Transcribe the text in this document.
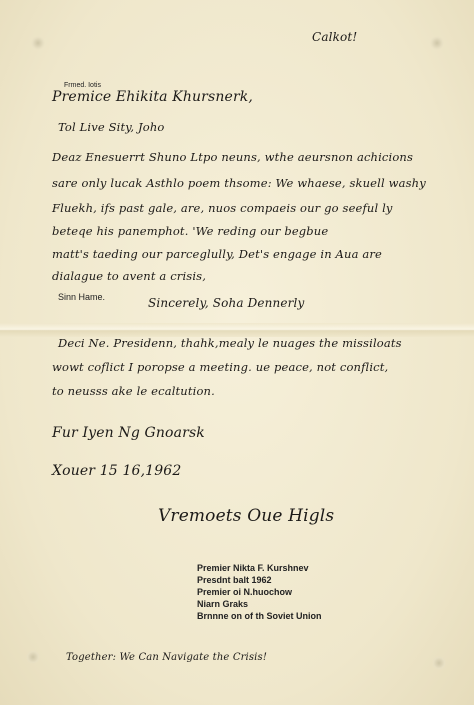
Calkot!
Frmed. Iotis
Premice Ehikita Khursnerk,
Tol Live Sity, Joho
Deaz Enesuerrt Shuno Ltpo neuns, wthe aeursnon achicions
sare only lucak Asthlo poem thsome: We whaese, skuell washy
Fluekh, ifs past gale, are, nuos compaeis our go seeful ly
beteqe his panemphot. 'We reding our begbue
matt's taeding our parceglully, Det's engage in Aua are
dialague to avent a crisis,
Sinn Hame.	Sincerely, Soha Dennerly
Deci Ne. Presidenn, thahk,mealy le nuages the missiloats
wowt coflict I poropse a meeting. ue peace, not conflict,
to neusss ake le ecaltution.
Fur Iyen Ng Gnoarsk
Xouer 15 16,1962
Vremoets Oue Higls
Premier Nikta F. Kurshnev
Presdnt balt 1962
Premier oi N.huochow
Niarn Graks
Brnnne on of th Soviet Union
Together: We Can Navigate the Crisis!
